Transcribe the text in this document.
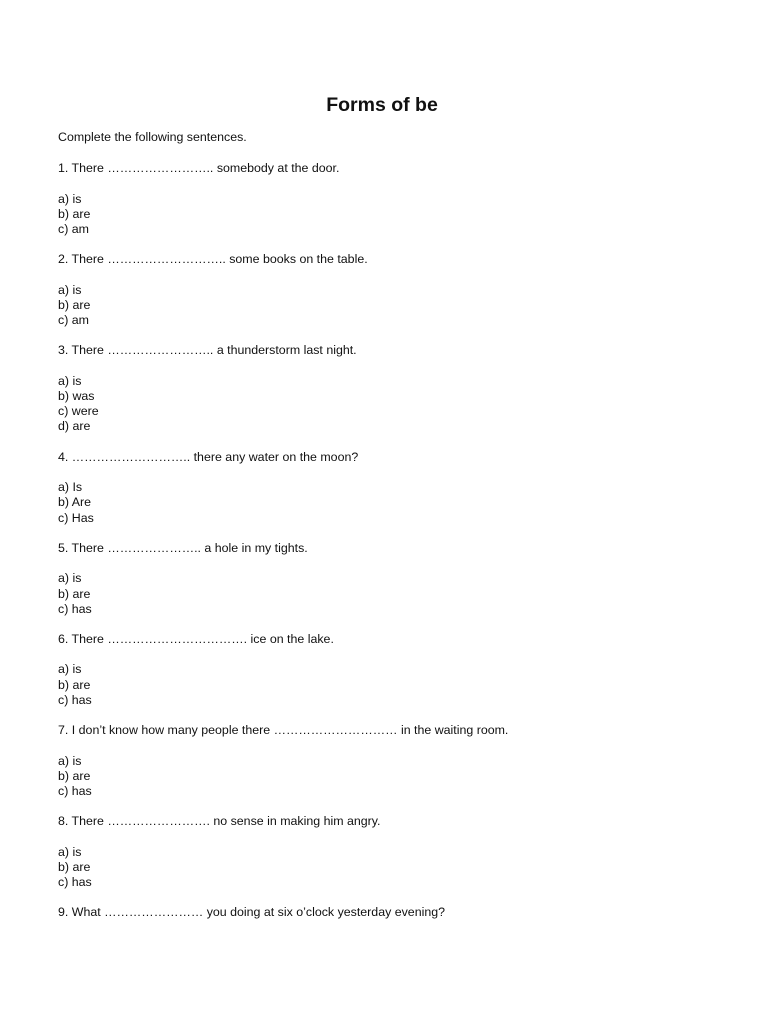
Forms of be
Complete the following sentences.
1. There …………………….. somebody at the door.
a) is
b) are
c) am
2. There ……………………….. some books on the table.
a) is
b) are
c) am
3. There …………………….. a thunderstorm last night.
a) is
b) was
c) were
d) are
4. ……………………….. there any water on the moon?
a) Is
b) Are
c) Has
5. There ………………….. a hole in my tights.
a) is
b) are
c) has
6. There ……………………………. ice on the lake.
a) is
b) are
c) has
7. I don’t know how many people there ………………………… in the waiting room.
a) is
b) are
c) has
8. There ……………………. no sense in making him angry.
a) is
b) are
c) has
9. What …………………… you doing at six o’clock yesterday evening?
